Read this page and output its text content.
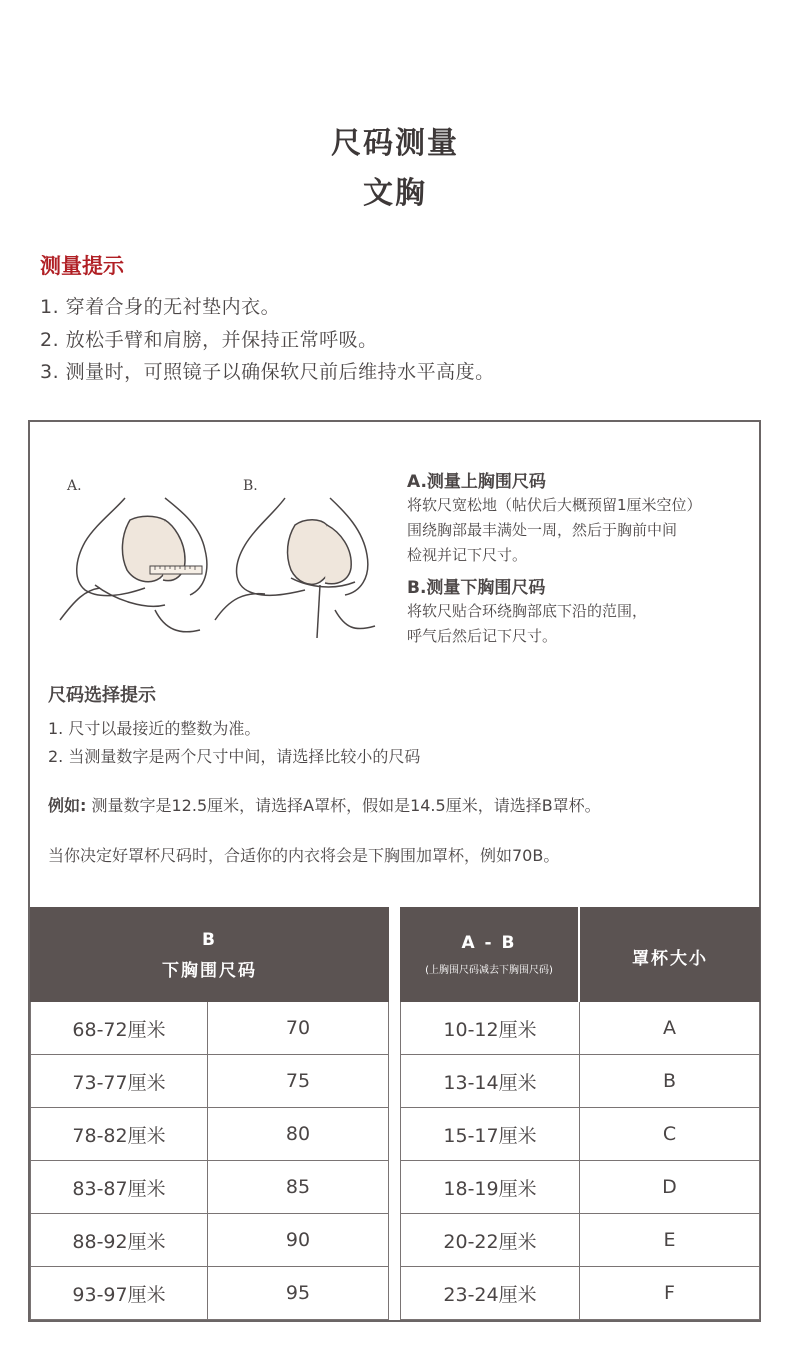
尺码测量
文胸
测量提示
1. 穿着合身的无衬垫内衣。
2. 放松手臂和肩膀，并保持正常呼吸。
3. 测量时，可照镜子以确保软尺前后维持水平高度。
A.	B.	A.测量上胸围尺码
将软尺宽松地（帖伏后大概预留1厘米空位）
围绕胸部最丰满处一周，然后于胸前中间
检视并记下尺寸。
B.测量下胸围尺码
将软尺贴合环绕胸部底下沿的范围，
呼气后然后记下尺寸。
尺码选择提示
1. 尺寸以最接近的整数为准。
2. 当测量数字是两个尺寸中间，请选择比较小的尺码
例如: 测量数字是12.5厘米，请选择A罩杯，假如是14.5厘米，请选择B罩杯。
当你决定好罩杯尺码时，合适你的内衣将会是下胸围加罩杯，例如70B。
B
下胸围尺码
A - B
(上胸围尺码减去下胸围尺码)
罩杯大小
68-72厘米	70	10-12厘米	A
73-77厘米	75	13-14厘米	B
78-82厘米	80	15-17厘米	C
83-87厘米	85	18-19厘米	D
88-92厘米	90	20-22厘米	E
93-97厘米	95	23-24厘米	F
